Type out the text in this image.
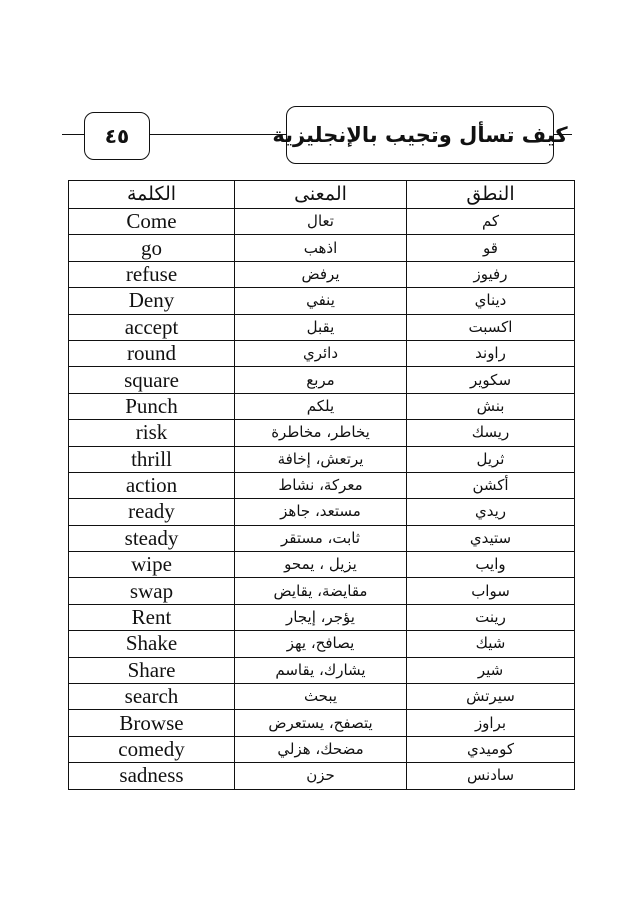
٤٥	كيف تسأل وتجيب بالإنجليزية
الكلمة	المعنى	النطق
Come	تعال	كم
go	اذهب	قو
refuse	يرفض	رفيوز
Deny	ينفي	ديناي
accept	يقبل	اكسبت
round	دائري	راوند
square	مربع	سكوير
Punch	يلكم	بنش
risk	يخاطر، مخاطرة	ريسك
thrill	يرتعش، إخافة	ثريل
action	معركة، نشاط	أكشن
ready	مستعد، جاهز	ريدي
steady	ثابت، مستقر	ستيدي
wipe	يزيل ، يمحو	وايب
swap	مقايضة، يقايض	سواب
Rent	يؤجر، إيجار	رينت
Shake	يصافح، يهز	شيك
Share	يشارك، يقاسم	شير
search	يبحث	سيرتش
Browse	يتصفح، يستعرض	براوز
comedy	مضحك، هزلي	كوميدي
sadness	حزن	سادنس
